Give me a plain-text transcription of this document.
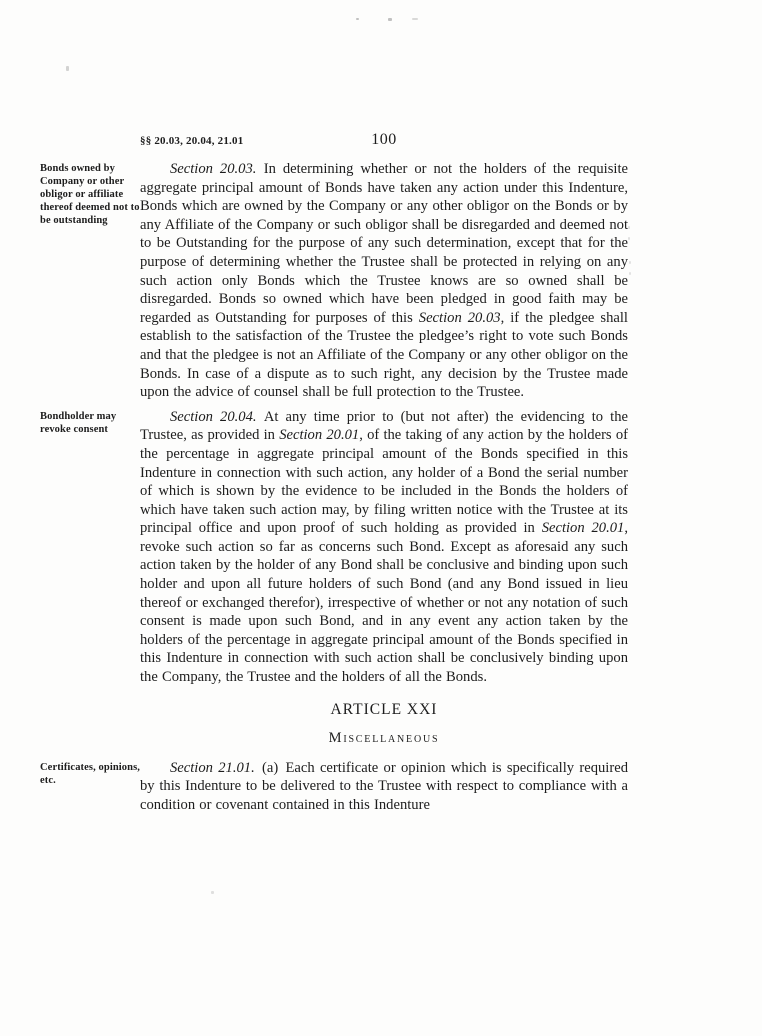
§§ 20.03, 20.04, 21.01	100
Bonds owned by Company or other obligor or affiliate thereof deemed not to be outstanding

Section 20.03. In determining whether or not the holders of the requisite aggregate principal amount of Bonds have taken any action under this Indenture, Bonds which are owned by the Company or any other obligor on the Bonds or by any Affiliate of the Company or such obligor shall be disregarded and deemed not to be Outstanding for the purpose of any such determination, except that for the purpose of determining whether the Trustee shall be protected in relying on any such action only Bonds which the Trustee knows are so owned shall be disregarded. Bonds so owned which have been pledged in good faith may be regarded as Outstanding for purposes of this Section 20.03, if the pledgee shall establish to the satisfaction of the Trustee the pledgee’s right to vote such Bonds and that the pledgee is not an Affiliate of the Company or any other obligor on the Bonds. In case of a dispute as to such right, any decision by the Trustee made upon the advice of counsel shall be full protection to the Trustee.

Bondholder may revoke consent

Section 20.04. At any time prior to (but not after) the evidencing to the Trustee, as provided in Section 20.01, of the taking of any action by the holders of the percentage in aggregate principal amount of the Bonds specified in this Indenture in connection with such action, any holder of a Bond the serial number of which is shown by the evidence to be included in the Bonds the holders of which have taken such action may, by filing written notice with the Trustee at its principal office and upon proof of such holding as provided in Section 20.01, revoke such action so far as concerns such Bond. Except as aforesaid any such action taken by the holder of any Bond shall be conclusive and binding upon such holder and upon all future holders of such Bond (and any Bond issued in lieu thereof or exchanged therefor), irrespective of whether or not any notation of such consent is made upon such Bond, and in any event any action taken by the holders of the percentage in aggregate principal amount of the Bonds specified in this Indenture in connection with such action shall be conclusively binding upon the Company, the Trustee and the holders of all the Bonds.

ARTICLE XXI
Miscellaneous
Certificates, opinions, etc.

Section 21.01. (a) Each certificate or opinion which is specifically required by this Indenture to be delivered to the Trustee with respect to compliance with a condition or covenant contained in this Indenture
